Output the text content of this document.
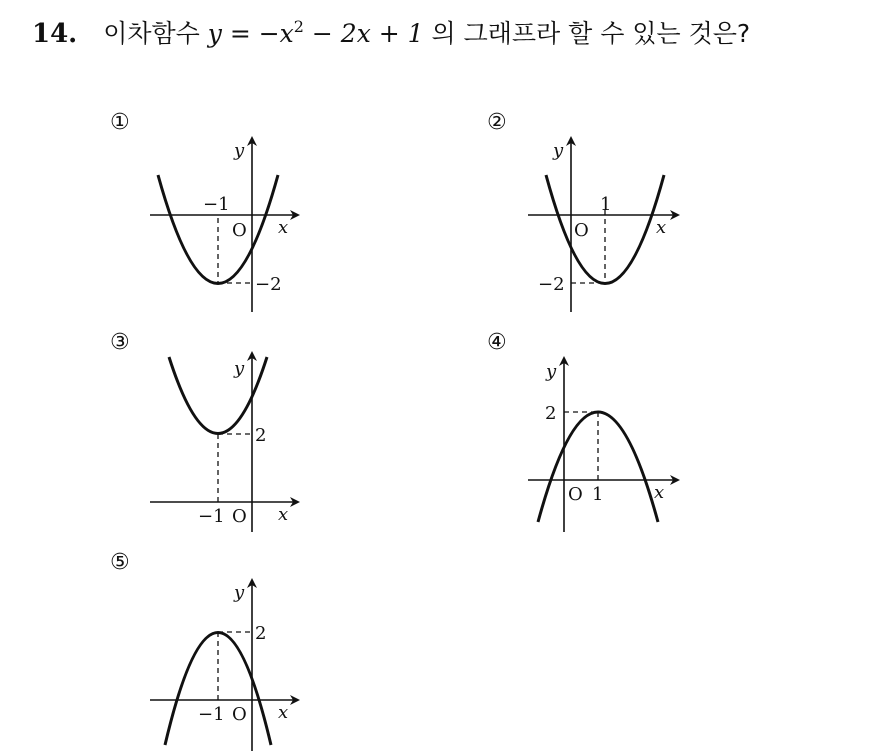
14. 이차함수 $y = -x^2 - 2x + 1$ 의 그래프라 할 수 있는 것은?
①	②
③	④
⑤
−1
−2
O x
y
1
−2
O	x
y
2
−1 O x
y
2
1
O	x
y
2
−1 O x
y
